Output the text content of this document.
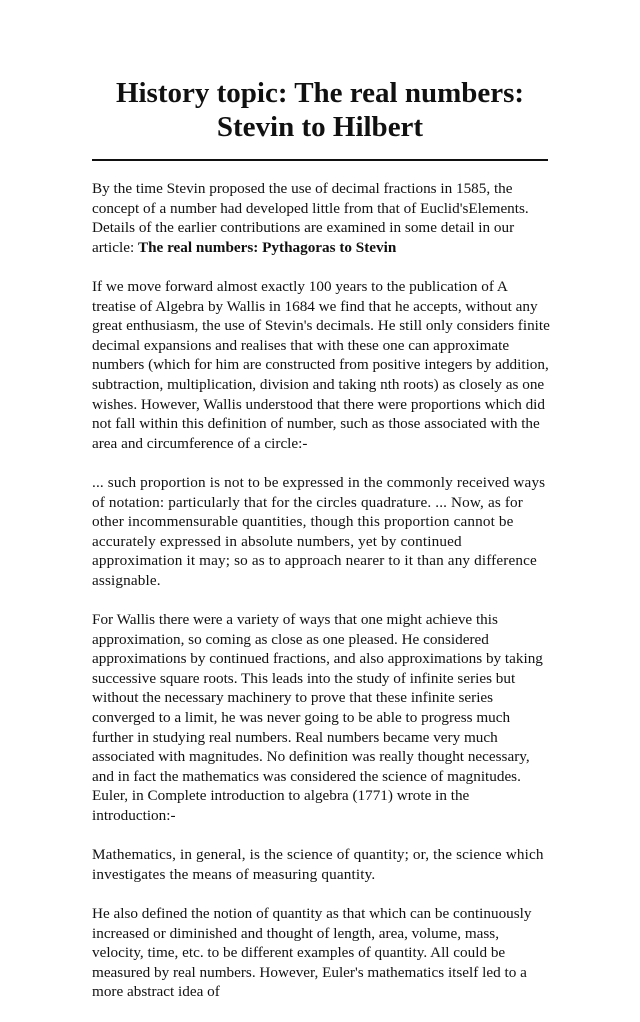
History topic: The real numbers: Stevin to Hilbert

By the time Stevin proposed the use of decimal fractions in 1585, the concept of a number had developed little from that of Euclid'sElements. Details of the earlier contributions are examined in some detail in our article: The real numbers: Pythagoras to Stevin

If we move forward almost exactly 100 years to the publication of A treatise of Algebra by Wallis in 1684 we find that he accepts, without any great enthusiasm, the use of Stevin's decimals. He still only considers finite decimal expansions and realises that with these one can approximate numbers (which for him are constructed from positive integers by addition, subtraction, multiplication, division and taking nth roots) as closely as one wishes. However, Wallis understood that there were proportions which did not fall within this definition of number, such as those associated with the area and circumference of a circle:-

... such proportion is not to be expressed in the commonly received ways of notation: particularly that for the circles quadrature. ... Now, as for other incommensurable quantities, though this proportion cannot be accurately expressed in absolute numbers, yet by continued approximation it may; so as to approach nearer to it than any difference assignable.

For Wallis there were a variety of ways that one might achieve this approximation, so coming as close as one pleased. He considered approximations by continued fractions, and also approximations by taking successive square roots. This leads into the study of infinite series but without the necessary machinery to prove that these infinite series converged to a limit, he was never going to be able to progress much further in studying real numbers. Real numbers became very much associated with magnitudes. No definition was really thought necessary, and in fact the mathematics was considered the science of magnitudes. Euler, in Complete introduction to algebra (1771) wrote in the introduction:-

Mathematics, in general, is the science of quantity; or, the science which investigates the means of measuring quantity.

He also defined the notion of quantity as that which can be continuously increased or diminished and thought of length, area, volume, mass, velocity, time, etc. to be different examples of quantity. All could be measured by real numbers. However, Euler's mathematics itself led to a more abstract idea of
